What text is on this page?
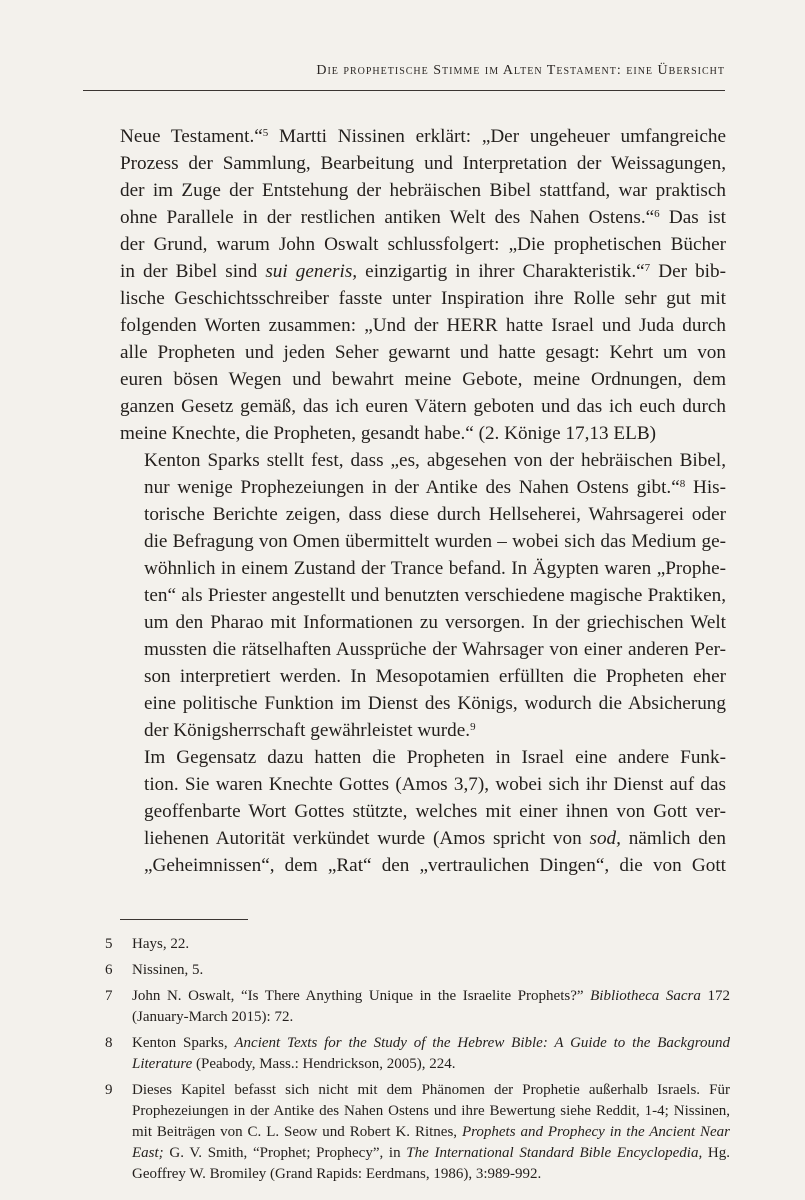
Die prophetische Stimme im Alten Testament: eine Übersicht

Neue Testament.“$^5$ Martti Nissinen erklärt: „Der ungeheuer umfangreiche
Prozess der Sammlung, Bearbeitung und Interpretation der Weissagungen,
der im Zuge der Entstehung der hebräischen Bibel stattfand, war praktisch
ohne Parallele in der restlichen antiken Welt des Nahen Ostens.“$^6$ Das ist
der Grund, warum John Oswalt schlussfolgert: „Die prophetischen Bücher
in der Bibel sind sui generis, einzigartig in ihrer Charakteristik.“$^7$ Der bib-
lische Geschichtsschreiber fasste unter Inspiration ihre Rolle sehr gut mit
folgenden Worten zusammen: „Und der HERR hatte Israel und Juda durch
alle Propheten und jeden Seher gewarnt und hatte gesagt: Kehrt um von
euren bösen Wegen und bewahrt meine Gebote, meine Ordnungen, dem
ganzen Gesetz gemäß, das ich euren Vätern geboten und das ich euch durch
meine Knechte, die Propheten, gesandt habe.“ (2. Könige 17,13 ELB)

Kenton Sparks stellt fest, dass „es, abgesehen von der hebräischen Bibel,
nur wenige Prophezeiungen in der Antike des Nahen Ostens gibt.“$^8$ His-
torische Berichte zeigen, dass diese durch Hellseherei, Wahrsagerei oder
die Befragung von Omen übermittelt wurden – wobei sich das Medium ge-
wöhnlich in einem Zustand der Trance befand. In Ägypten waren „Prophe-
ten“ als Priester angestellt und benutzten verschiedene magische Praktiken,
um den Pharao mit Informationen zu versorgen. In der griechischen Welt
mussten die rätselhaften Aussprüche der Wahrsager von einer anderen Per-
son interpretiert werden. In Mesopotamien erfüllten die Propheten eher
eine politische Funktion im Dienst des Königs, wodurch die Absicherung
der Königsherrschaft gewährleistet wurde.$^9$

Im Gegensatz dazu hatten die Propheten in Israel eine andere Funk-
tion. Sie waren Knechte Gottes (Amos 3,7), wobei sich ihr Dienst auf das
geoffenbarte Wort Gottes stützte, welches mit einer ihnen von Gott ver-
liehenen Autorität verkündet wurde (Amos spricht von sod, nämlich den
„Geheimnissen“, dem „Rat“ den „vertraulichen Dingen“, die von Gott

5	Hays, 22.
6	Nissinen, 5.
7	John N. Oswalt, “Is There Anything Unique in the Israelite Prophets?” Bibliotheca Sacra 172 (January-March 2015): 72.
8	Kenton Sparks, Ancient Texts for the Study of the Hebrew Bible: A Guide to the Background Literature (Peabody, Mass.: Hendrickson, 2005), 224.
9	Dieses Kapitel befasst sich nicht mit dem Phänomen der Prophetie außerhalb Israels. Für Prophezeiungen in der Antike des Nahen Ostens und ihre Bewertung siehe Reddit, 1-4; Nissinen, mit Beiträgen von C. L. Seow und Robert K. Ritnes, Prophets and Prophecy in the Ancient Near East; G. V. Smith, “Prophet; Prophecy”, in The International Standard Bible Encyclopedia, Hg. Geoffrey W. Bromiley (Grand Rapids: Eerdmans, 1986), 3:989-992.
